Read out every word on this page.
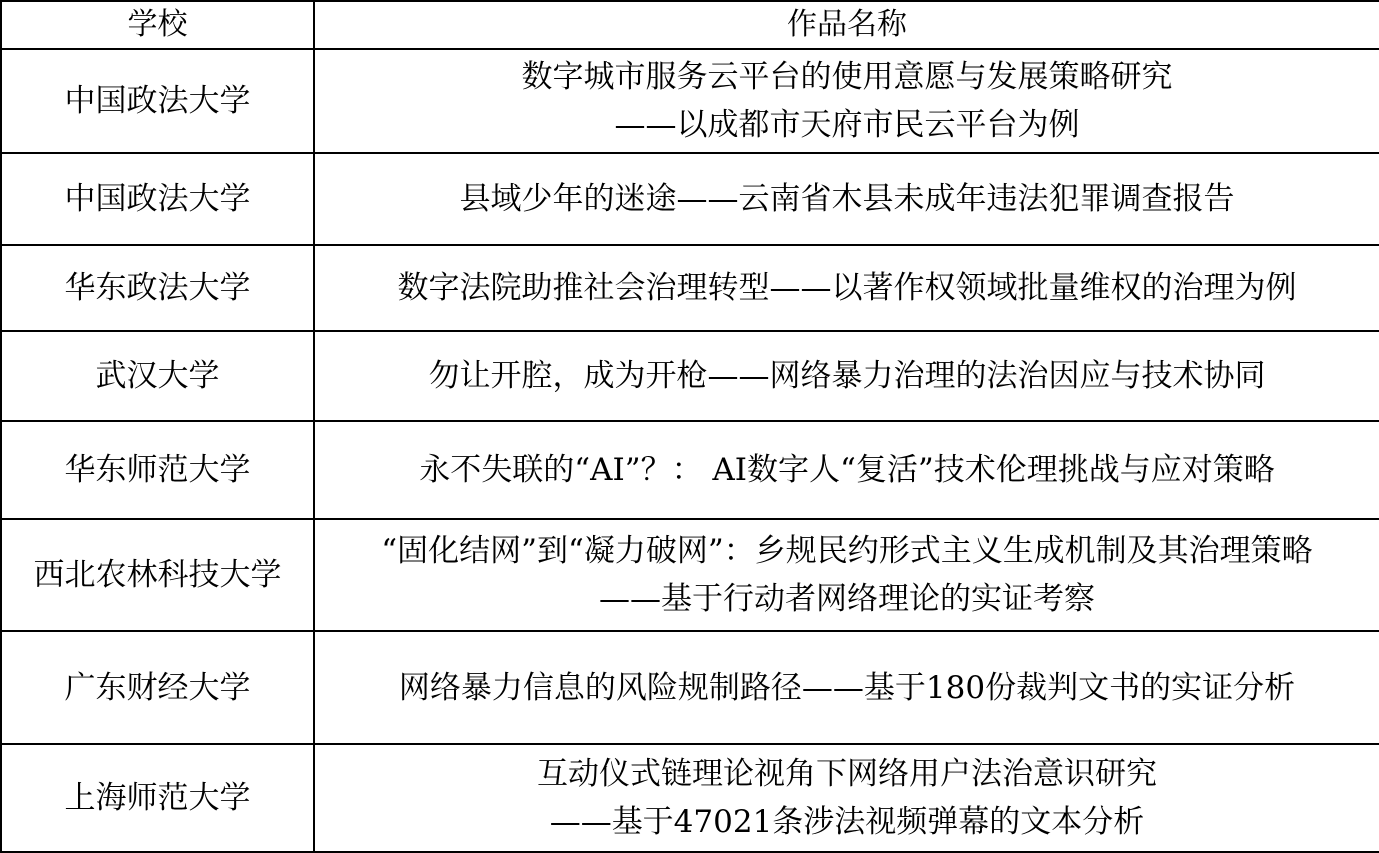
学校	作品名称
中国政法大学	数字城市服务云平台的使用意愿与发展策略研究
——以成都市天府市民云平台为例

中国政法大学	县域少年的迷途——云南省木县未成年违法犯罪调查报告

华东政法大学	数字法院助推社会治理转型——以著作权领域批量维权的治理为例

武汉大学	勿让开腔，成为开枪——网络暴力治理的法治因应与技术协同

华东师范大学	永不失联的“AI”？： AI数字人“复活”技术伦理挑战与应对策略

西北农林科技大学	“固化结网”到“凝力破网”：乡规民约形式主义生成机制及其治理策略
——基于行动者网络理论的实证考察

广东财经大学	网络暴力信息的风险规制路径——基于180份裁判文书的实证分析

上海师范大学	互动仪式链理论视角下网络用户法治意识研究
——基于47021条涉法视频弹幕的文本分析
